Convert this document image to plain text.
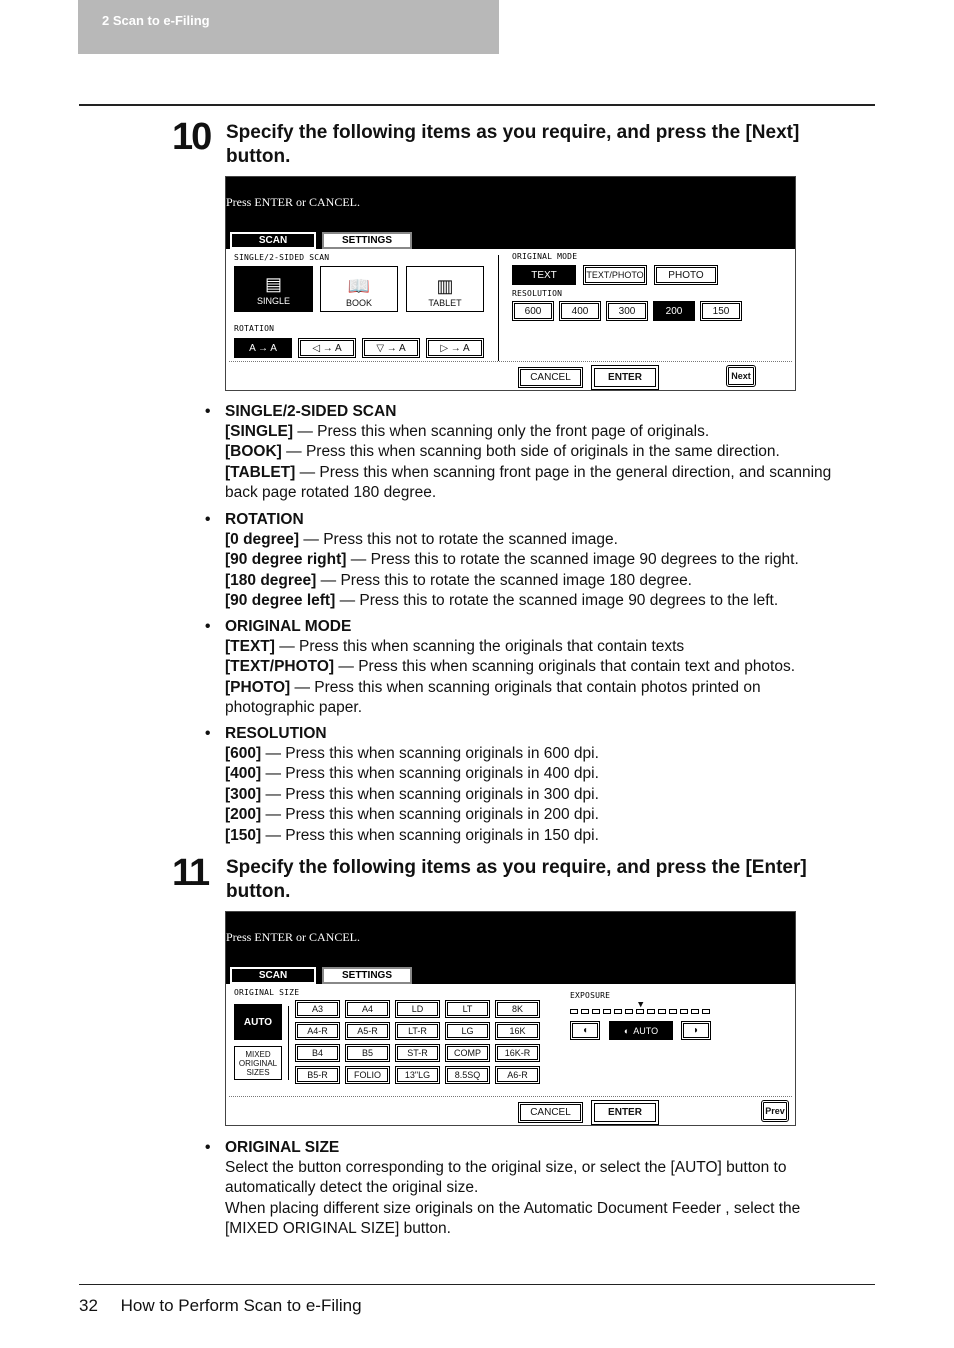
2 Scan to e-Filing
10 Specify the following items as you require, and press the [Next] button.
Press ENTER or CANCEL.
SCAN	SETTINGS
SINGLE/2-SIDED SCAN
▤
SINGLE
📖
BOOK
▥
TABLET
ROTATION
A → A	◁ → A	▽ → A	▷ → A
ORIGINAL MODE
TEXT	TEXT/PHOTO	PHOTO
RESOLUTION
600	400	300	200	150
CANCEL	ENTER	Next
• SINGLE/2-SIDED SCAN

[SINGLE] — Press this when scanning only the front page of originals.

[BOOK] — Press this when scanning both side of originals in the same direction.

[TABLET] — Press this when scanning front page in the general direction, and scanning

back page rotated 180 degree.

• ROTATION

[0 degree] — Press this not to rotate the scanned image.

[90 degree right] — Press this to rotate the scanned image 90 degrees to the right.

[180 degree] — Press this to rotate the scanned image 180 degree.

[90 degree left] — Press this to rotate the scanned image 90 degrees to the left.

• ORIGINAL MODE

[TEXT] — Press this when scanning the originals that contain texts

[TEXT/PHOTO] — Press this when scanning originals that contain text and photos.

[PHOTO] — Press this when scanning originals that contain photos printed on

photographic paper.

• RESOLUTION

[600] — Press this when scanning originals in 600 dpi.

[400] — Press this when scanning originals in 400 dpi.

[300] — Press this when scanning originals in 300 dpi.

[200] — Press this when scanning originals in 200 dpi.

[150] — Press this when scanning originals in 150 dpi.

11 Specify the following items as you require, and press the [Enter] button.
Press ENTER or CANCEL.
SCAN	SETTINGS
ORIGINAL SIZE
AUTO
MIXED ORIGINAL SIZES
A3	A4	LD	LT	8K
A4-R	A5-R	LT-R	LG	16K
B4	B5	ST-R	COMP	16K-R
B5-R	FOLIO	13"LG	8.5SQ	A6-R
EXPOSURE
▼
◖	◐ AUTO	◗
CANCEL	ENTER	Prev
• ORIGINAL SIZE

Select the button corresponding to the original size, or select the [AUTO] button to

automatically detect the original size.

When placing different size originals on the Automatic Document Feeder , select the

[MIXED ORIGINAL SIZE] button.

32 How to Perform Scan to e-Filing
